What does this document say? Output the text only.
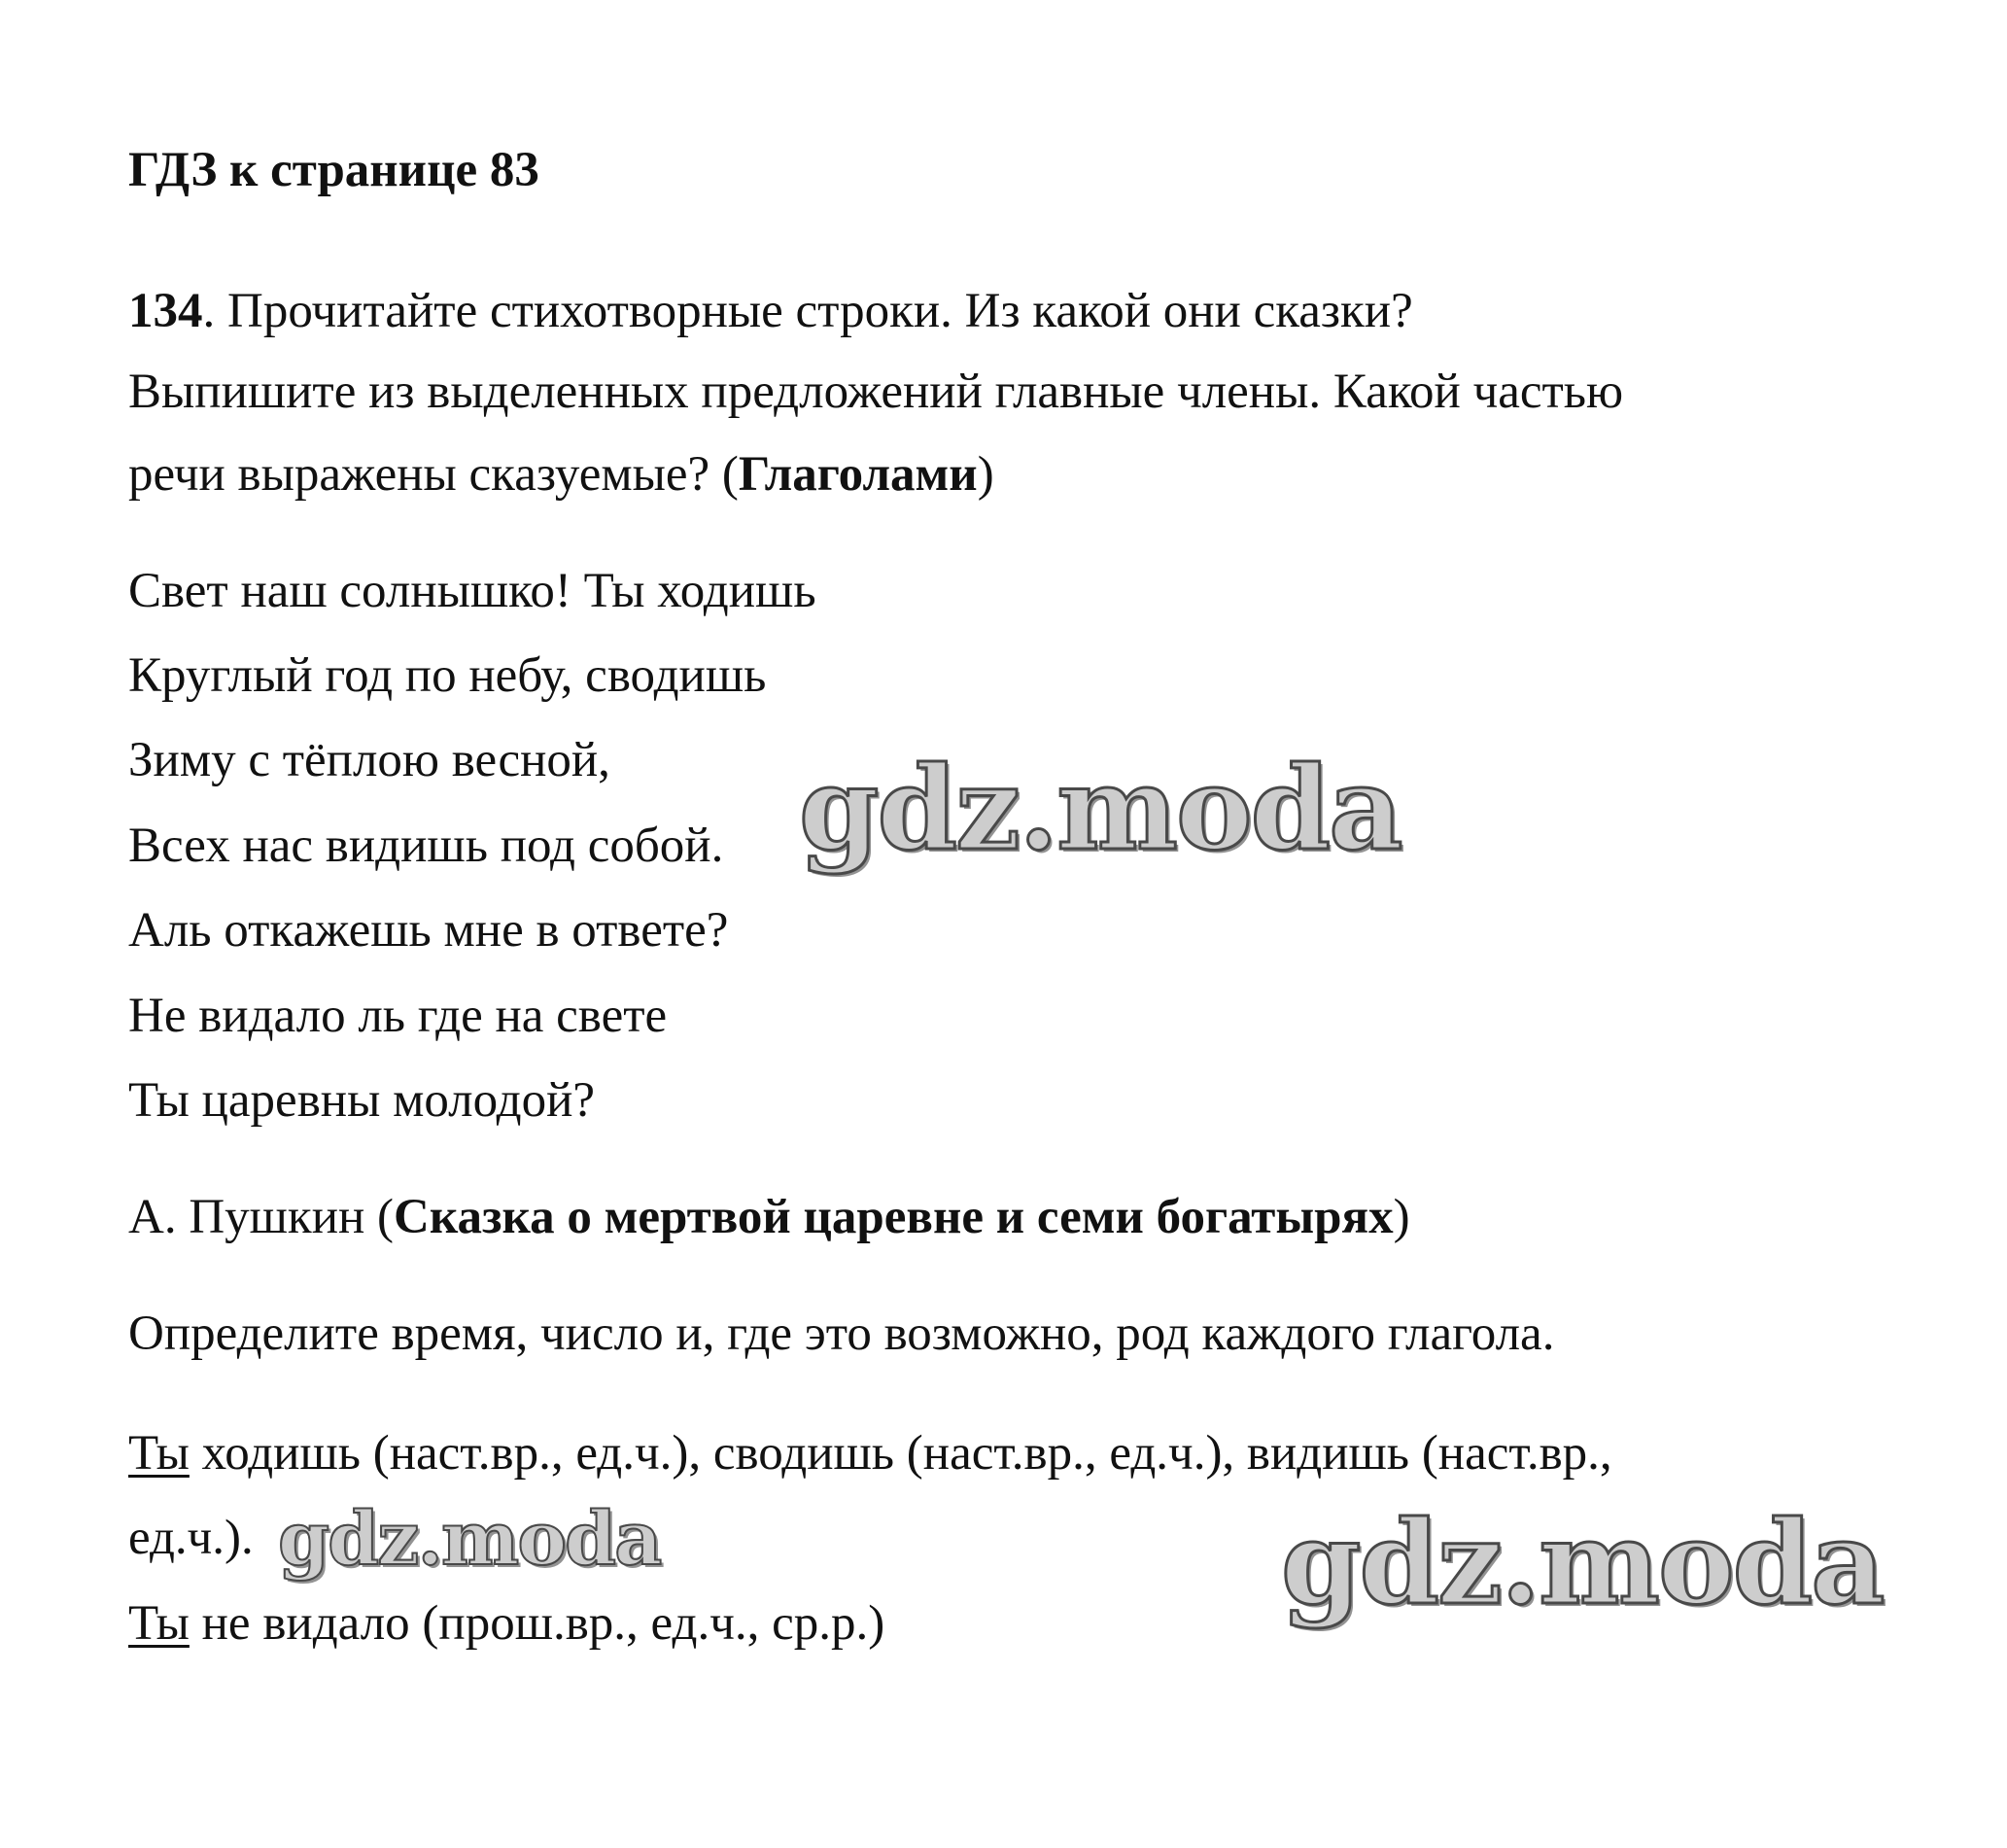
ГДЗ к странице 83
134. Прочитайте стихотворные строки. Из какой они сказки?
Выпишите из выделенных предложений главные члены. Какой частью
речи выражены сказуемые? (Глаголами)
Свет наш солнышко! Ты ходишь
Круглый год по небу, сводишь
Зиму с тёплою весной,
Всех нас видишь под собой.
Аль откажешь мне в ответе?
Не видало ль где на свете
Ты царевны молодой?
А. Пушкин (Сказка о мертвой царевне и семи богатырях)
Определите время, число и, где это возможно, род каждого глагола.
Ты ходишь (наст.вр., ед.ч.), сводишь (наст.вр., ед.ч.), видишь (наст.вр.,
ед.ч.).
Ты не видало (прош.вр., ед.ч., ср.р.)
gdz.moda
gdz.moda	gdz.moda
